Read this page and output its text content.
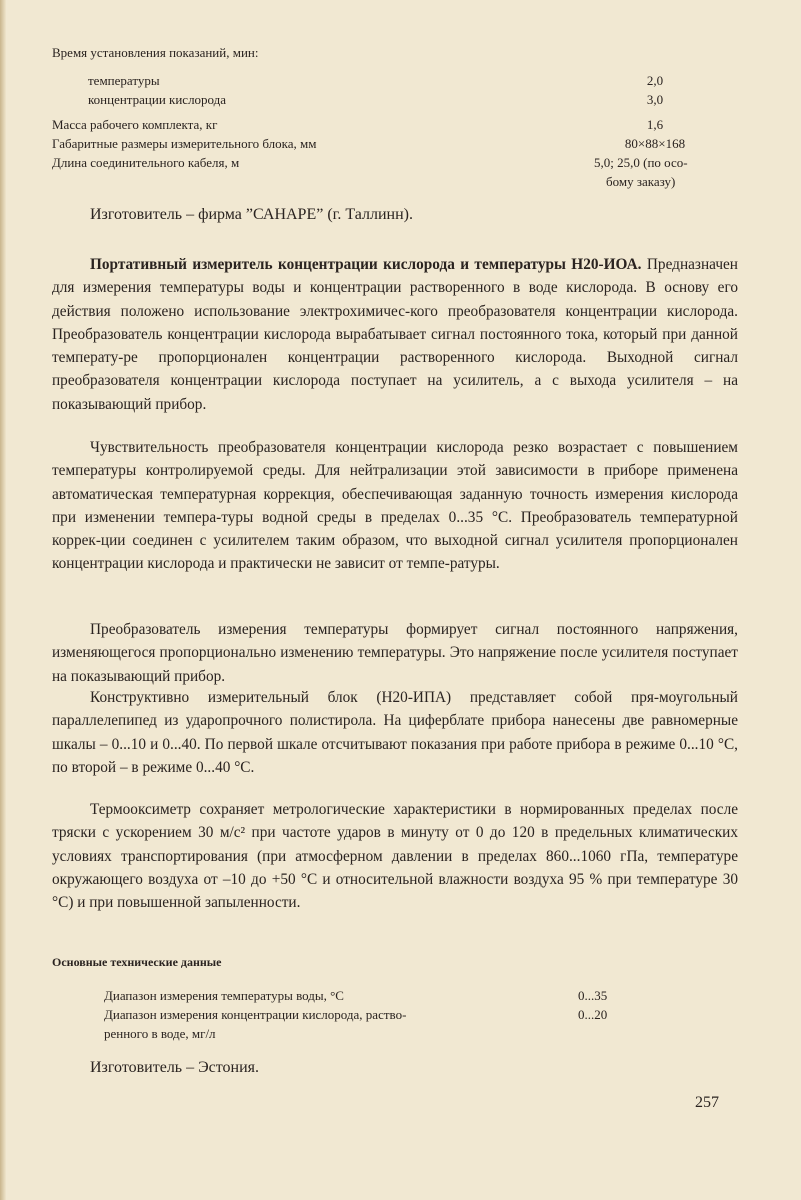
Время установления показаний, мин:
температуры	2,0
концентрации кислорода	3,0
Масса рабочего комплекта, кг	1,6
Габаритные размеры измерительного блока, мм	80×88×168
Длина соединительного кабеля, м	5,0; 25,0 (по осо-
бому заказу)
Изготовитель – фирма ”САНАРЕ” (г. Таллинн).

Портативный измеритель концентрации кислорода и температуры Н20-ИОА. Предназначен для измерения температуры воды и концентрации растворенного в воде кислорода. В основу его действия положено использование электрохимичес-кого преобразователя концентрации кислорода. Преобразователь концентрации кислорода вырабатывает сигнал постоянного тока, который при данной температу-ре пропорционален концентрации растворенного кислорода. Выходной сигнал преобразователя концентрации кислорода поступает на усилитель, а с выхода усилителя – на показывающий прибор.

Чувствительность преобразователя концентрации кислорода резко возрастает с повышением температуры контролируемой среды. Для нейтрализации этой зависимости в приборе применена автоматическая температурная коррекция, обеспечивающая заданную точность измерения кислорода при изменении темпера-туры водной среды в пределах 0...35 °С. Преобразователь температурной коррек-ции соединен с усилителем таким образом, что выходной сигнал усилителя пропорционален концентрации кислорода и практически не зависит от темпе-ратуры.

Преобразователь измерения температуры формирует сигнал постоянного напряжения, изменяющегося пропорционально изменению температуры. Это напряжение после усилителя поступает на показывающий прибор.

Конструктивно измерительный блок (Н20-ИПА) представляет собой пря-моугольный параллелепипед из ударопрочного полистирола. На циферблате прибора нанесены две равномерные шкалы – 0...10 и 0...40. По первой шкале отсчитывают показания при работе прибора в режиме 0...10 °С, по второй – в режиме 0...40 °С.

Термооксиметр сохраняет метрологические характеристики в нормированных пределах после тряски с ускорением 30 м/с² при частоте ударов в минуту от 0 до 120 в предельных климатических условиях транспортирования (при атмосферном давлении в пределах 860...1060 гПа, температуре окружающего воздуха от –10 до +50 °С и относительной влажности воздуха 95 % при температуре 30 °С) и при повышенной запыленности.

Основные технические данные
Диапазон измерения температуры воды, °С	0...35
Диапазон измерения концентрации кислорода, раство-	0...20
ренного в воде, мг/л
Изготовитель – Эстония.
257
